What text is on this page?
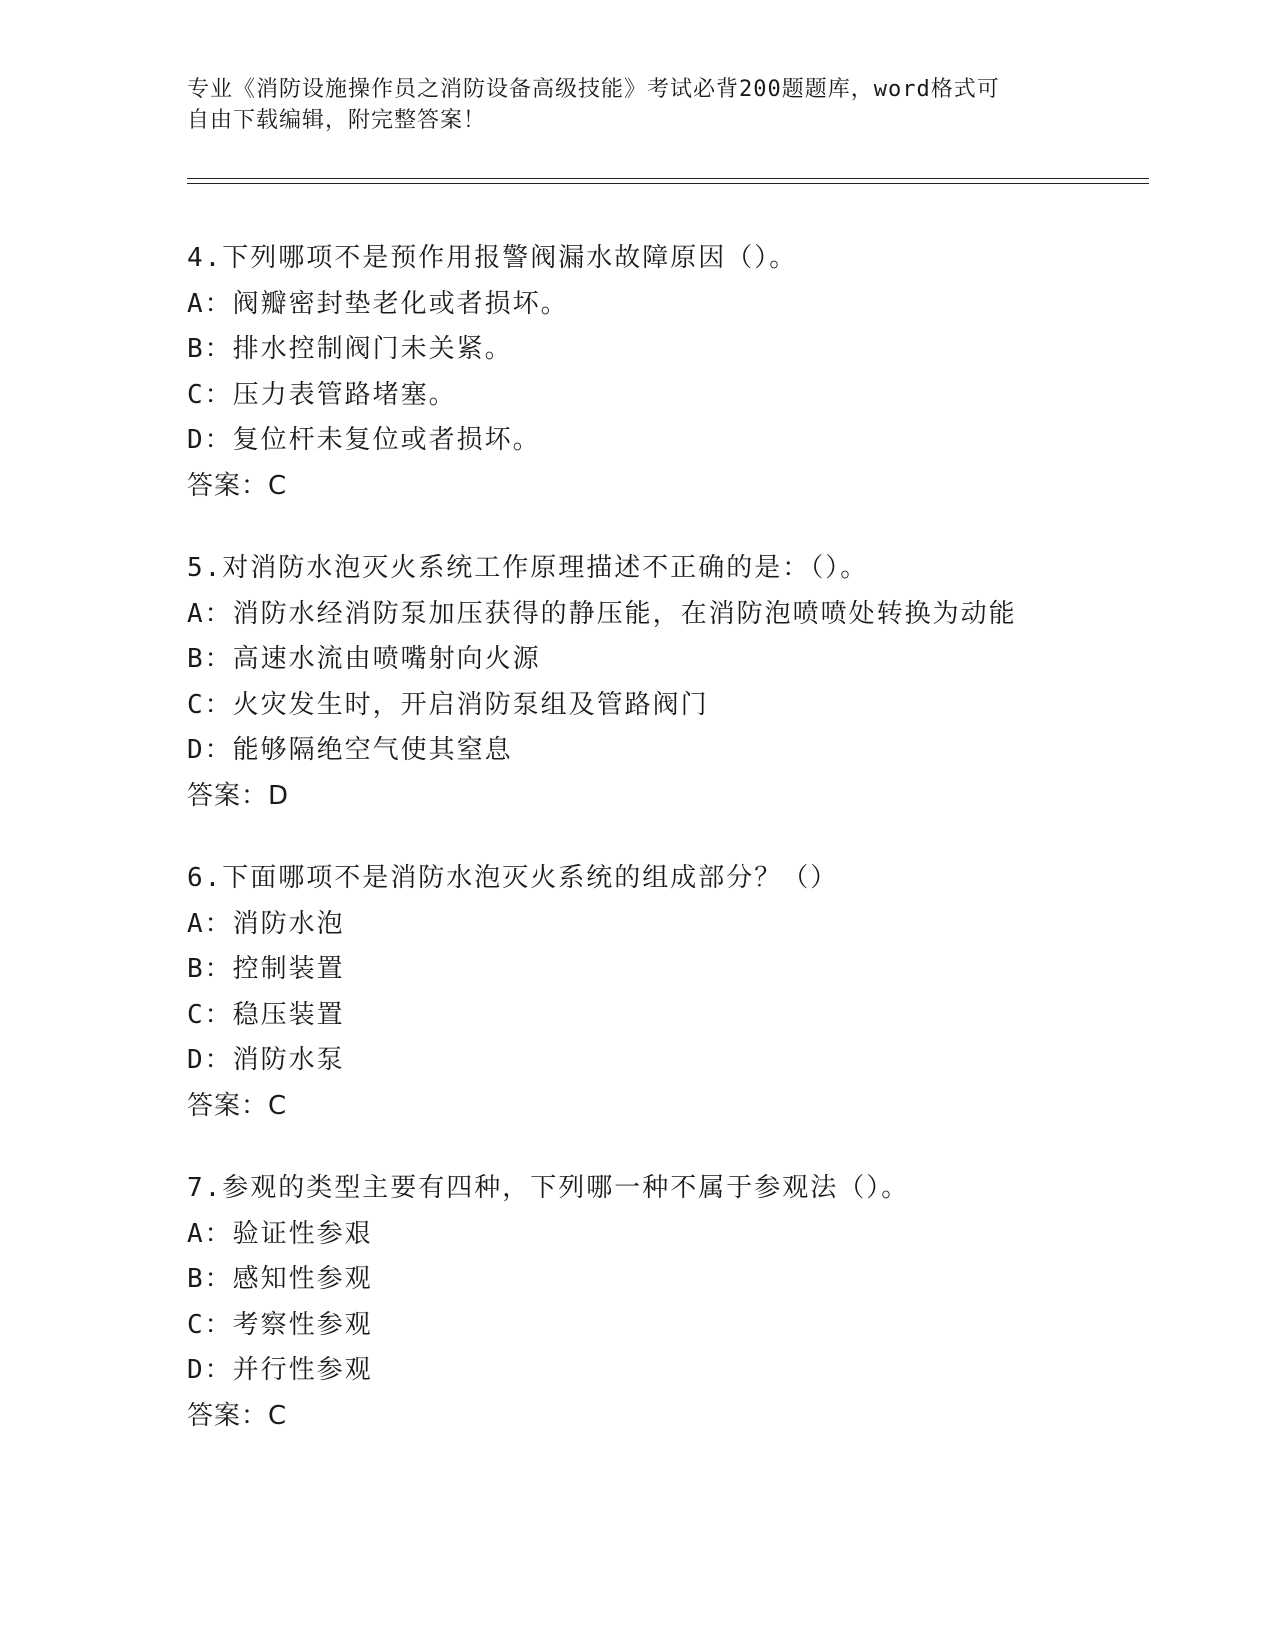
专业《消防设施操作员之消防设备高级技能》考试必背200题题库，word格式可
自由下载编辑，附完整答案！
4.下列哪项不是预作用报警阀漏水故障原因（）。
A：阀瓣密封垫老化或者损坏。
B：排水控制阀门未关紧。
C：压力表管路堵塞。
D：复位杆未复位或者损坏。
答案：C
5.对消防水泡灭火系统工作原理描述不正确的是：（）。
A：消防水经消防泵加压获得的静压能，在消防泡喷喷处转换为动能
B：高速水流由喷嘴射向火源
C：火灾发生时，开启消防泵组及管路阀门
D：能够隔绝空气使其窒息
答案：D
6.下面哪项不是消防水泡灭火系统的组成部分？（）
A：消防水泡
B：控制装置
C：稳压装置
D：消防水泵
答案：C
7.参观的类型主要有四种，下列哪一种不属于参观法（）。
A：验证性参艰
B：感知性参观
C：考察性参观
D：并行性参观
答案：C
